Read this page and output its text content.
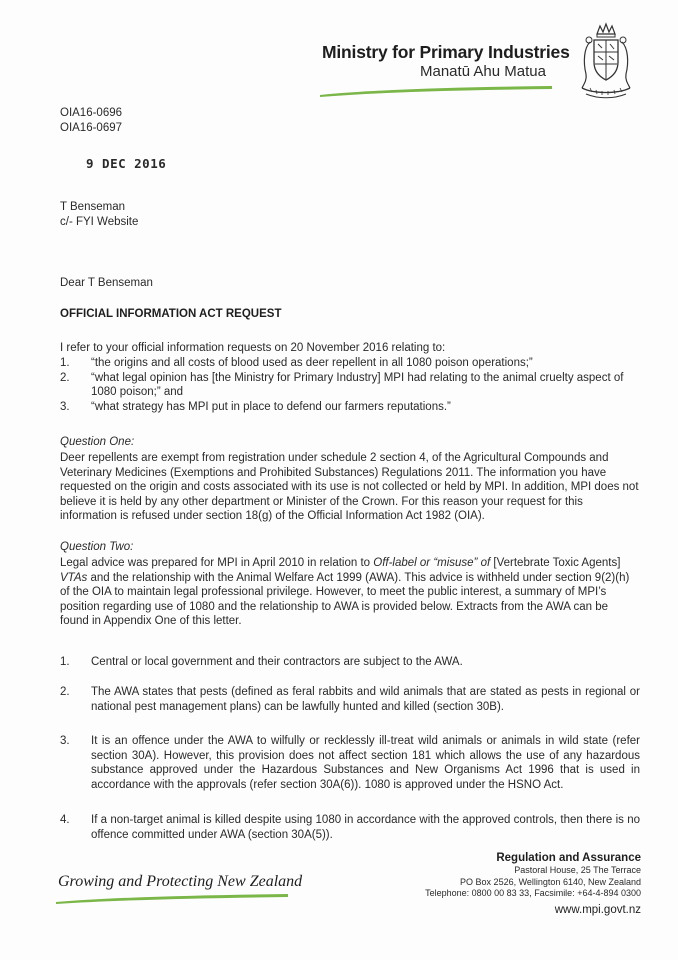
Ministry for Primary Industries
Manatū Ahu Matua
OIA16-0696
OIA16-0697
9 DEC 2016
T Benseman
c/- FYI Website
Dear T Benseman
OFFICIAL INFORMATION ACT REQUEST
I refer to your official information requests on 20 November 2016 relating to:
1.	“the origins and all costs of blood used as deer repellent in all 1080 poison operations;”
2.	“what legal opinion has [the Ministry for Primary Industry] MPI had relating to the animal cruelty aspect of 1080 poison;” and
3.	“what strategy has MPI put in place to defend our farmers reputations.”
Question One:
Deer repellents are exempt from registration under schedule 2 section 4, of the Agricultural Compounds and Veterinary Medicines (Exemptions and Prohibited Substances) Regulations 2011. The information you have requested on the origin and costs associated with its use is not collected or held by MPI. In addition, MPI does not believe it is held by any other department or Minister of the Crown. For this reason your request for this information is refused under section 18(g) of the Official Information Act 1982 (OIA).
Question Two:
Legal advice was prepared for MPI in April 2010 in relation to Off-label or “misuse” of [Vertebrate Toxic Agents] VTAs and the relationship with the Animal Welfare Act 1999 (AWA). This advice is withheld under section 9(2)(h) of the OIA to maintain legal professional privilege. However, to meet the public interest, a summary of MPI’s position regarding use of 1080 and the relationship to AWA is provided below. Extracts from the AWA can be found in Appendix One of this letter.
1.	Central or local government and their contractors are subject to the AWA.
2.	The AWA states that pests (defined as feral rabbits and wild animals that are stated as pests in regional or national pest management plans) can be lawfully hunted and killed (section 30B).
3.	It is an offence under the AWA to wilfully or recklessly ill-treat wild animals or animals in wild state (refer section 30A). However, this provision does not affect section 181 which allows the use of any hazardous substance approved under the Hazardous Substances and New Organisms Act 1996 that is used in accordance with the approvals (refer section 30A(6)). 1080 is approved under the HSNO Act.
4.	If a non-target animal is killed despite using 1080 in accordance with the approved controls, then there is no offence committed under AWA (section 30A(5)).
Growing and Protecting New Zealand
Regulation and Assurance
Pastoral House, 25 The Terrace
PO Box 2526, Wellington 6140, New Zealand
Telephone: 0800 00 83 33, Facsimile: +64-4-894 0300
www.mpi.govt.nz
